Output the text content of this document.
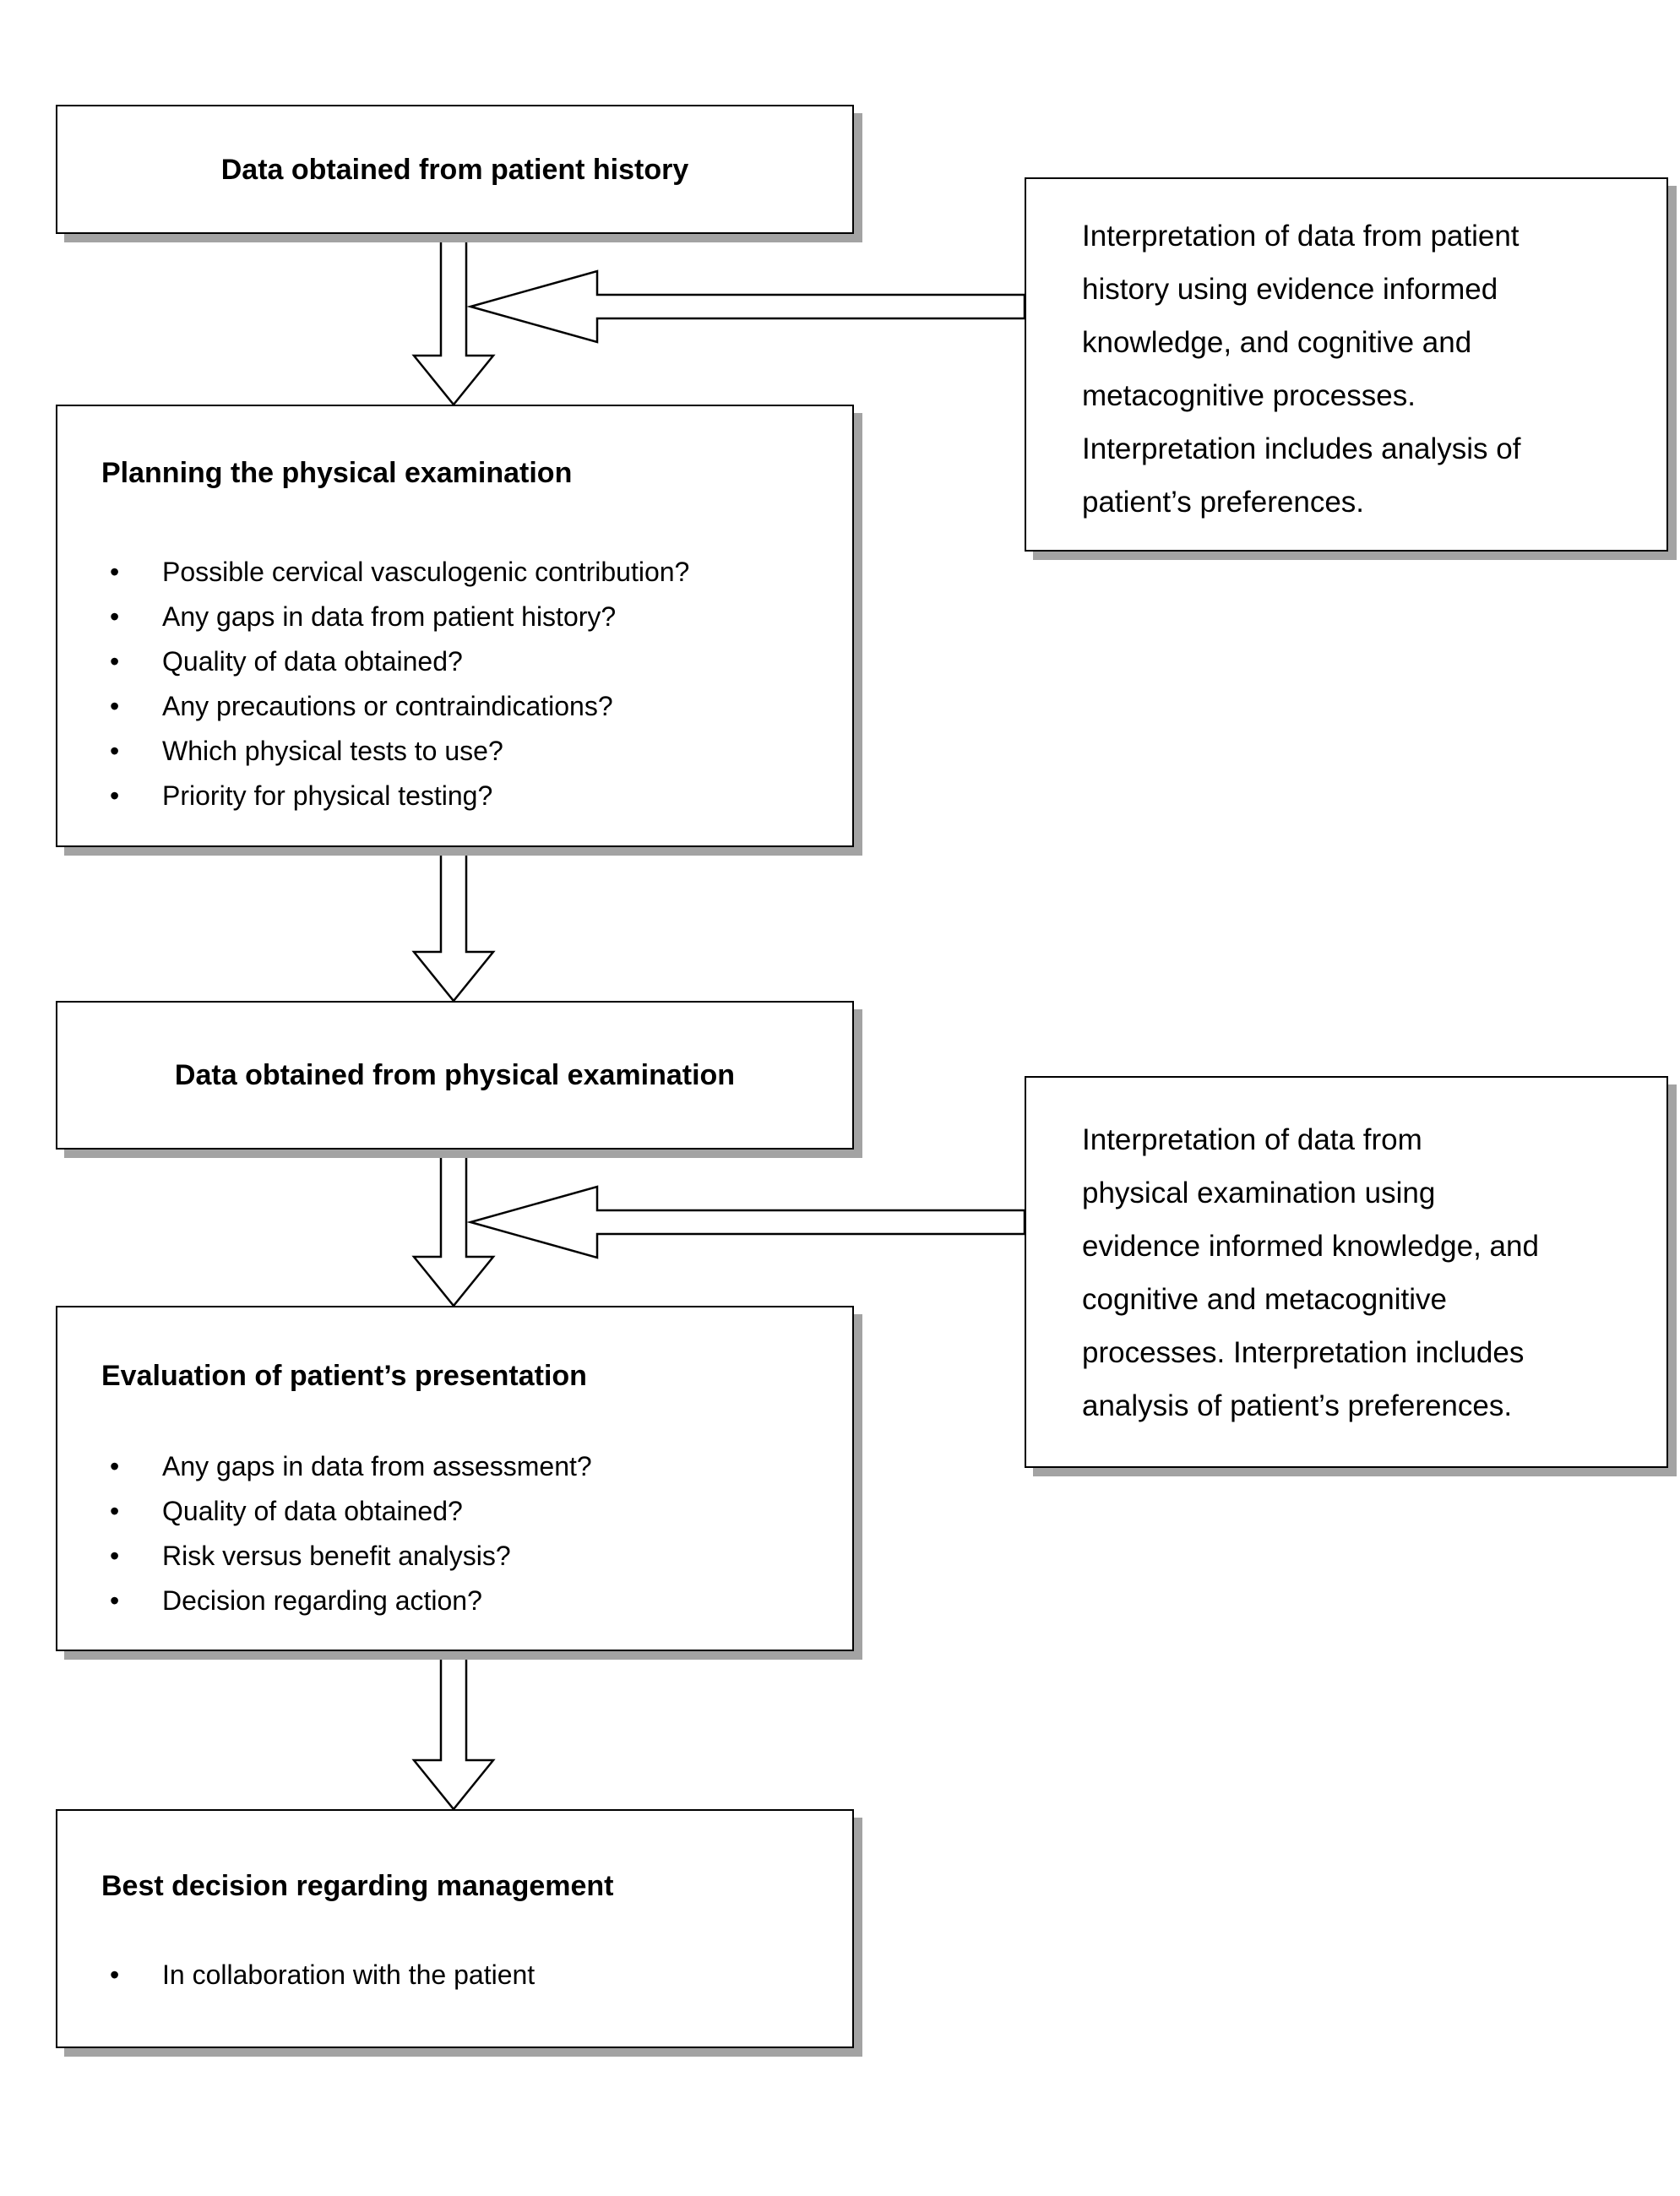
Data obtained from patient history
Interpretation of data from patient
history using evidence informed
knowledge, and cognitive and
metacognitive processes.
Interpretation includes analysis of
patient’s preferences.
Planning the physical examination
• Possible cervical vasculogenic contribution?
• Any gaps in data from patient history?
• Quality of data obtained?
• Any precautions or contraindications?
• Which physical tests to use?
• Priority for physical testing?
Data obtained from physical examination
Interpretation of data from
physical examination using
evidence informed knowledge, and
cognitive and metacognitive
processes. Interpretation includes
analysis of patient’s preferences.
Evaluation of patient’s presentation
• Any gaps in data from assessment?
• Quality of data obtained?
• Risk versus benefit analysis?
• Decision regarding action?
Best decision regarding management
• In collaboration with the patient
